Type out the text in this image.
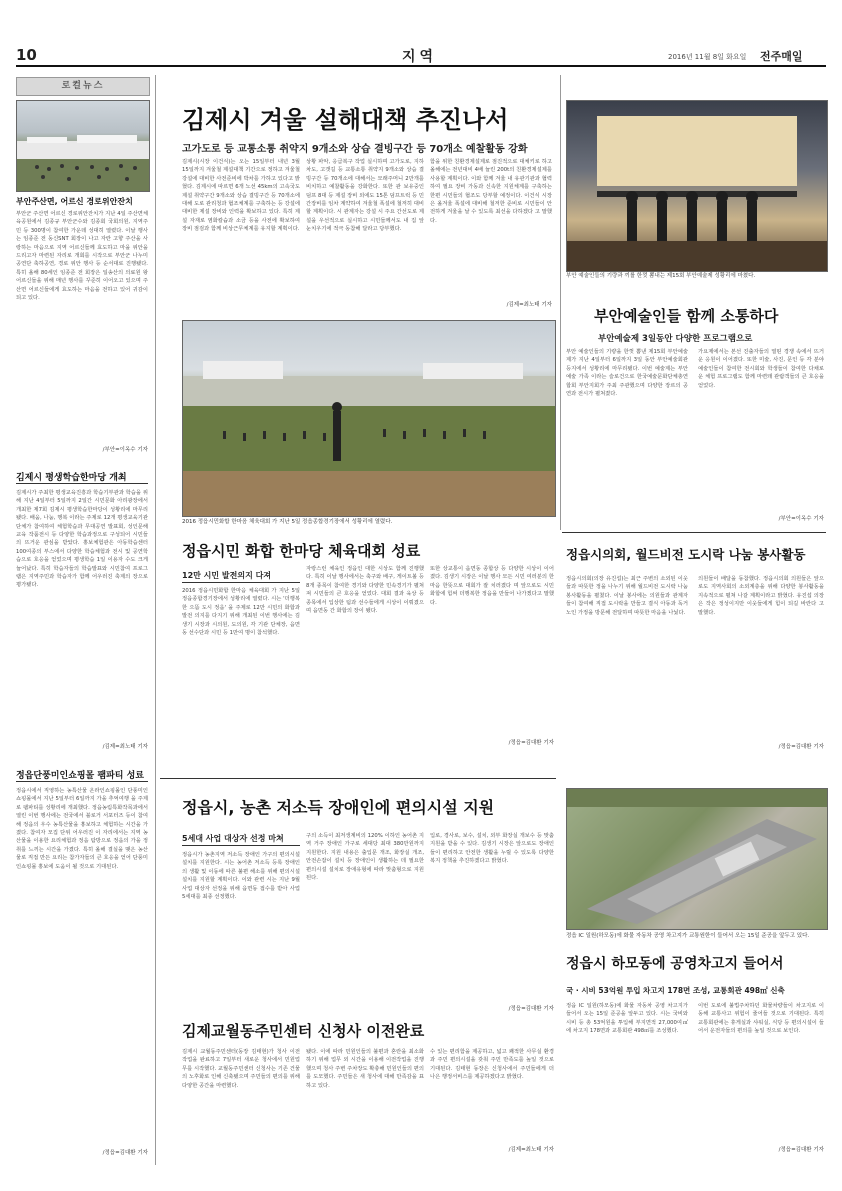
10	지역	2016년 11월 8일 화요일 전주매일
로컬뉴스
부안주산면, 어르신 경로위안잔치
부안군 주산면 어르신 경로위안잔치가 지난 4일 주산면체육공원에서 김종규 부안군수와 김종회 국회의원, 지역주민 등 300명이 참여한 가운데 성대히 열렸다. 이날 행사는 임종준 전 동신SNT 회장이 나고 자란 고향 주산을 사랑하는 마음으로 지역 어르신들께 효도하고 마을 위안을 드리고자 마련된 자리로 개회를 시작으로 부안군 나누미 공연단 축하공연, 경로 위안 행사 등 순서대로 진행됐다. 특히 올해 80세인 임종준 전 회장은 일송산의 의료원 왕 어르신들을 위해 매년 행사를 꾸준히 이어오고 있으며 주산면 어르신들에게 효도하는 마음을 전하고 있어 귀감이 되고 있다.
/부안=이옥수 기자
김제시 평생학습한마당 개최
김제시가 주최한 평생교육진흥과 학습기부관과 학습을 위해 지난 4일부터 5일까지 2일간 시민문화 아리광장에서 개최한 제7회 김제시 평생학습한마당이 성황리에 마무리됐다. 배움, 나눔, 행복 이라는 주제로 12개 평생교육기관 단체가 참여하여 체험학습과 무대공연 발표회, 성인문해교육 작품전시 등 다양한 학습과정으로 구성되어 시민들의 뜨거운 관심을 받았다. 홍보체험관은 아동학습센터 100여종의 부스에서 다양한 학습체험과 전시 및 공연학습으로 호응을 얻었으며 평생학습 1일 이용자 수도 크게 늘어났다. 특히 학습자들의 학습발표와 시민참여 프로그램은 지역주민과 학습자가 함께 어우러진 축제의 장으로 평가됐다.
/김제=최노태 기자
정읍단풍미인쇼핑몰 팸파티 성료
정읍시에서 직영하는 농특산물 온라인쇼핑몰인 단풍미인쇼핑몰에서 지난 5일부터 6일까지 가을 추억여행 을 주제로 팸파티를 성황리에 개최했다. 정읍농림특화작목과에서 열린 이번 행사에는 전국에서 블로거 서포터즈 등이 참여해 정읍의 우수 농특산물을 홍보하고 체험하는 시간을 가졌다. 참여자 모집 단위 어우러진 이 자리에서는 지역 농산물을 이용한 요리체험과 정읍 탐방으로 정읍의 가을 정취를 느끼는 시간을 가졌다. 특히 올해 결실을 맺은 농산물로 직접 만든 요리는 참가자들의 큰 호응을 얻어 단풍미인쇼핑몰 홍보에 도움이 될 것으로 기대된다.
/정읍=김대환 기자
김제시 겨울 설해대책 추진나서
고가도로 등 교통소통 취약지 9개소와 상습 결빙구간 등 70개소 예찰활동 강화
김제시(시장 이건식)는 오는 15일부터 내년 3월 15일까지 겨울철 제설대책 기간으로 정하고 겨울철 강설에 대비한 사전준비에 박차를 가하고 있다고 밝혔다. 김제시에 따르면 6개 노선 45km의 고속국도 제설 취약구간 9개소와 상습 결빙구간 등 70개소에 대해 도로 관리청과 협조체계를 구축하는 등 강설에 대비한 제설 장비와 인력을 확보하고 있다. 특히 제설 자재로 염화칼슘과 소금 등을 사전에 확보하여 장비 점검과 함께 비상근무체계를 유지할 계획이다.
상황 파악, 응급복구 작업 실시하며 고가도로, 지하차도, 고갯길 등 교통소통 취약지 9개소와 상습 결빙구간 등 70개소에 대해서는 모래주머니 2만개를 비치하고 예찰활동을 강화한다. 또한 관 보유중인 덤프 8대 등 제설 장비 외에도 15톤 덤프트럭 등 민간장비를 임차 계약하여 겨울철 폭설에 철저히 대비할 계획이다. 시 관계자는 강설 시 주요 간선도로 제설을 우선적으로 실시하고 시민들께서도 내 집 앞 눈치우기에 적극 동참해 달라고 당부했다.
함을 위한 친환경제설제로 점진적으로 대체키로 하고 올해에는 전년대비 4배 늘린 200t의 친환경제설제를 사용할 계획이다. 이와 함께 겨울 내 유관기관과 협력하여 필요 장비 가동과 신속한 지원체계를 구축하는 한편 시민들의 협조도 당부할 예정이다. 이건식 시장은 올겨울 폭설에 대비해 철저한 준비로 시민들이 안전하게 겨울을 날 수 있도록 최선을 다하겠다 고 말했다.
/김제=최노태 기자
2016 정읍시민화합 한마음 체육대회 가 지난 5일 정읍종합경기장에서 성황리에 열렸다.
정읍시민 화합 한마당 체육대회 성료
12만 시민 발전의지 다져
2016 정읍시민화합 한마음 체육대회 가 지난 5일 정읍종합경기장에서 성황리에 열렸다. 시는 '더행복한 으뜸 도시 정읍' 을 주제로 12만 시민의 화합과 발전 의지를 다지기 위해 개최된 이번 행사에는 김생기 시장과 시의원, 도의원, 각 기관 단체장, 읍면동 선수단과 시민 등 1만여 명이 참석했다.
자랑스런 체육인 정읍인 대한 시상도 함께 진행했다. 특히 이날 행사에서는 축구와 배구, 게이트볼 등 8개 종목이 참여한 경기와 다양한 민속경기가 펼쳐져 시민들의 큰 호응을 얻었다. 대회 결과 육상 등 종목에서 입상한 팀과 선수들에게 시상이 이뤄졌으며 읍면동 간 화합의 장이 됐다.
또한 상교통이 읍면동 종합상 등 다양한 시상이 이어졌다. 김생기 시장은 이날 행사 모든 시민 여러분의 한마음 한뜻으로 대회가 잘 치러졌다 며 앞으로도 시민 화합에 힘써 더행복한 정읍을 만들어 나가겠다고 말했다.
/정읍=김대환 기자
정읍시, 농촌 저소득 장애인에 편의시설 지원
5세대 사업 대상자 선정 마쳐
정읍시가 농촌지역 저소득 장애인 가구의 편의시설 설치를 지원한다. 시는 농어촌 저소득 등록 장애인의 생활 및 이동에 따른 불편 해소를 위해 편의시설 설치를 지원할 계획이다. 이와 관련 시는 지난 9월 사업 대상자 선정을 위해 읍면동 접수를 받아 사업 5세대를 최종 선정했다.
구의 소득이 최저생계비의 120% 이하인 농어촌 지역 거주 장애인 가구로 세대당 최대 380만원까지 지원한다. 지원 내용은 출입문 개조, 화장실 개조, 안전손잡이 설치 등 장애인이 생활하는 데 필요한 편의시설 설치로 장애유형에 따라 맞춤형으로 지원된다.
입로, 경사로, 보수, 설치, 외부 화장실 개보수 등 맞춤 지원을 받을 수 있다. 김생기 시장은 앞으로도 장애인들이 편리하고 안전한 생활을 누릴 수 있도록 다양한 복지 정책을 추진하겠다고 밝혔다.
/정읍=김대환 기자
김제교월동주민센터 신청사 이전완료
김제시 교월동주민센터(동장 김태현)가 청사 이전작업을 완료하고 7일부터 새로운 청사에서 민원업무를 시작했다. 교월동주민센터 신청사는 기존 건물의 노후화로 인해 신축됐으며 주민들의 편의를 위해 다양한 공간을 마련했다.
됐다. 이에 따라 민원인들의 불편과 혼란을 최소화하기 위해 업무 외 시간을 이용해 이전작업을 진행했으며 청사 주변 주차장도 확충해 민원인들의 편의를 도모했다. 주민들은 새 청사에 대해 만족감을 표하고 있다.
수 있는 편리함을 제공하고, 넓고 쾌적한 사무실 환경과 주민 편의시설을 갖춰 주민 만족도를 높일 것으로 기대된다. 김태현 동장은 신청사에서 주민들에게 더 나은 행정서비스를 제공하겠다고 밝혔다.
/김제=최노태 기자
부안 예술인들의 기량과 끼를 한껏 뽐내는 제15회 부안예술제 성황리에 마쳤다.
부안예술인들 함께 소통하다
부안예술제 3일동안 다양한 프로그램으로
부안 예술인들의 기량을 한껏 뽐낸 제15회 부안예술제가 지난 4일부터 6일까지 3일 동안 부안예술회관 등지에서 성황리에 마무리됐다. 이번 예술제는 부안 예술 가족 이라는 슬로건으로 한국예술문화단체총연합회 부안지회가 주최 주관했으며 다양한 장르의 공연과 전시가 펼쳐졌다.
가요제에서는 본선 진출자들의 열띤 경쟁 속에서 뜨거운 응원이 이어졌다. 또한 미술, 사진, 문인 등 각 분야 예술인들이 참여한 전시회와 학생들이 참여한 다채로운 체험 프로그램도 함께 마련돼 관람객들의 큰 호응을 얻었다.
/부안=이옥수 기자
정읍시의회, 월드비전 도시락 나눔 봉사활동
정읍시의회(의장 유진섭)는 최근 주변의 소외된 이웃들과 따뜻한 정을 나누기 위해 월드비전 도시락 나눔 봉사활동을 펼쳤다. 이날 봉사에는 의원들과 관계자들이 참여해 직접 도시락을 만들고 결식 아동과 독거노인 가정을 방문해 전달하며 따뜻한 마음을 나눴다.
의원들이 배달을 동참했다. 정읍시의회 의원들은 앞으로도 지역사회의 소외계층을 위해 다양한 봉사활동을 지속적으로 펼쳐 나갈 계획이라고 밝혔다. 유진섭 의장은 작은 정성이지만 이웃들에게 힘이 되길 바란다 고 말했다.
/정읍=김대환 기자
정읍 IC 일원(하모동)에 화물 자동차 공영 차고지가 교통원한이 들어서 오는 15일 준공을 앞두고 있다.
정읍시 하모동에 공영차고지 들어서
국 · 시비 53억원 투입 차고지 178면 조성, 교통회관 498㎡ 신축
정읍 IC 일원(하모동)에 화물 자동차 공영 차고지가 들어서 오는 15일 준공을 앞두고 있다. 시는 국비와 시비 등 총 53억원을 투입해 부지면적 27,000여㎡에 차고지 178면과 교통회관 498㎡를 조성했다.
이번 도로에 불법주차하던 화물차량들이 차고지로 이동해 교통사고 위험이 줄어들 것으로 기대된다. 특히 교통회관에는 휴게실과 샤워실, 식당 등 편의시설이 들어서 운전자들의 편의를 높일 것으로 보인다.
/정읍=김대환 기자
